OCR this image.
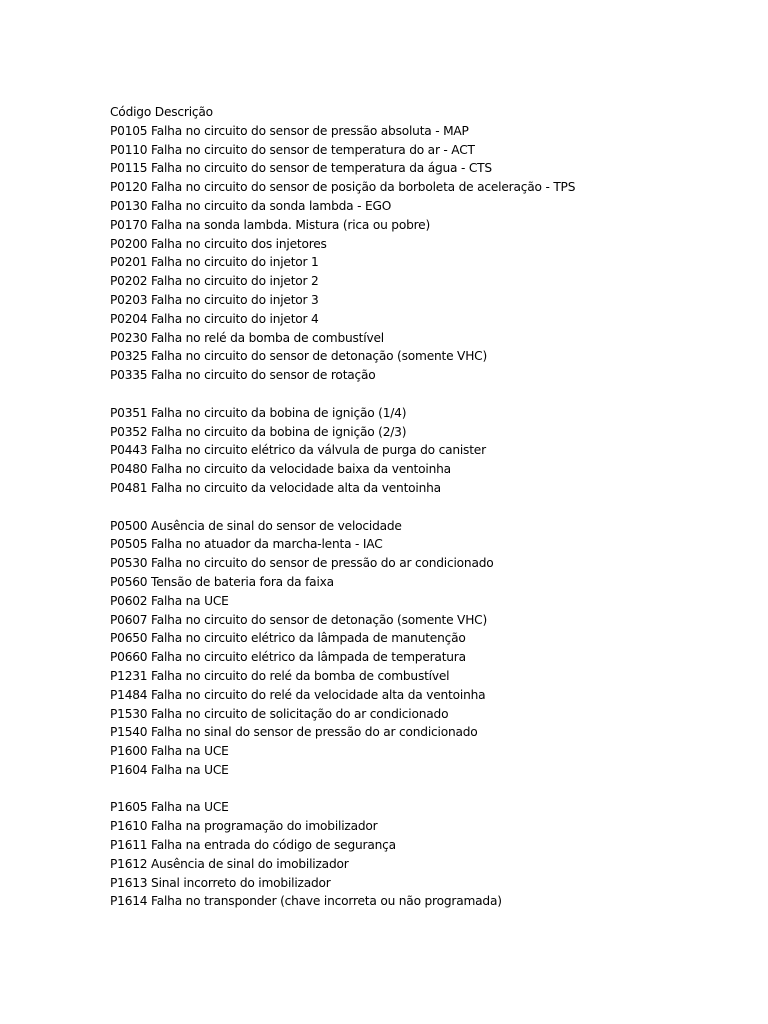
Código Descrição
P0105 Falha no circuito do sensor de pressão absoluta - MAP
P0110 Falha no circuito do sensor de temperatura do ar - ACT
P0115 Falha no circuito do sensor de temperatura da água - CTS
P0120 Falha no circuito do sensor de posição da borboleta de aceleração - TPS
P0130 Falha no circuito da sonda lambda - EGO
P0170 Falha na sonda lambda. Mistura (rica ou pobre)
P0200 Falha no circuito dos injetores
P0201 Falha no circuito do injetor 1
P0202 Falha no circuito do injetor 2
P0203 Falha no circuito do injetor 3
P0204 Falha no circuito do injetor 4
P0230 Falha no relé da bomba de combustível
P0325 Falha no circuito do sensor de detonação (somente VHC)
P0335 Falha no circuito do sensor de rotação
P0351 Falha no circuito da bobina de ignição (1/4)
P0352 Falha no circuito da bobina de ignição (2/3)
P0443 Falha no circuito elétrico da válvula de purga do canister
P0480 Falha no circuito da velocidade baixa da ventoinha
P0481 Falha no circuito da velocidade alta da ventoinha
P0500 Ausência de sinal do sensor de velocidade
P0505 Falha no atuador da marcha-lenta - IAC
P0530 Falha no circuito do sensor de pressão do ar condicionado
P0560 Tensão de bateria fora da faixa
P0602 Falha na UCE
P0607 Falha no circuito do sensor de detonação (somente VHC)
P0650 Falha no circuito elétrico da lâmpada de manutenção
P0660 Falha no circuito elétrico da lâmpada de temperatura
P1231 Falha no circuito do relé da bomba de combustível
P1484 Falha no circuito do relé da velocidade alta da ventoinha
P1530 Falha no circuito de solicitação do ar condicionado
P1540 Falha no sinal do sensor de pressão do ar condicionado
P1600 Falha na UCE
P1604 Falha na UCE
P1605 Falha na UCE
P1610 Falha na programação do imobilizador
P1611 Falha na entrada do código de segurança
P1612 Ausência de sinal do imobilizador
P1613 Sinal incorreto do imobilizador
P1614 Falha no transponder (chave incorreta ou não programada)
